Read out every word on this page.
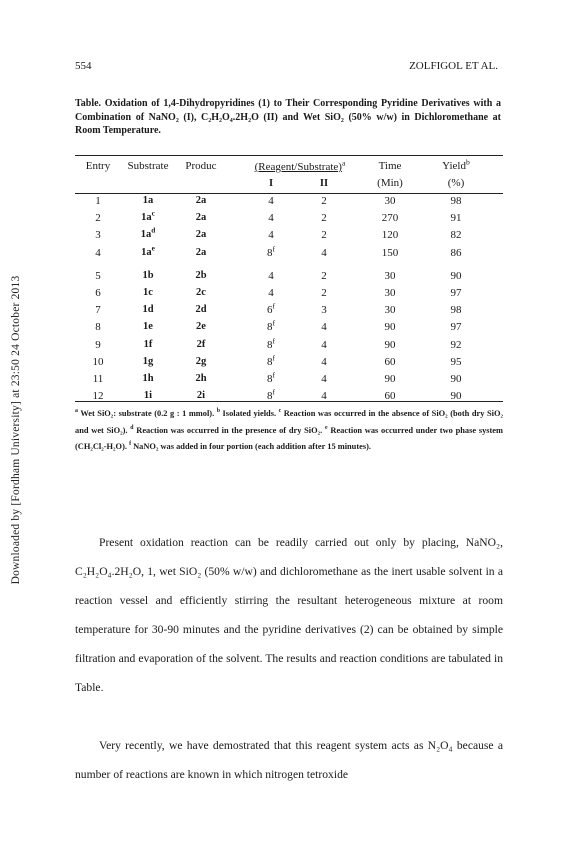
Downloaded by [Fordham University] at 23:50 24 October 2013
554	ZOLFIGOL ET AL.
Table. Oxidation of 1,4-Dihydropyridines (1) to Their Corresponding Pyridine Derivatives with a Combination of NaNO₂ (I), C₂H₂O₄.2H₂O (II) and Wet SiO₂ (50% w/w) in Dichloromethane at Room Temperature.
Entry	Substrate	Produc	(Reagent/Substrate)$^a$
I	II
Time
(Min)
Yield$^b$
(%)
1	1a	2a	4	2	30	98
2	$1a^c$	2a	4	2	270	91
3	$1a^d$	2a	4	2	120	82
4	$1a^e$	2a	8$^f$	4	150	86
5	1b	2b	4	2	30	90
6	1c	2c	4	2	30	97
7	1d	2d	6$^f$	3	30	98
8	1e	2e	8$^f$	4	90	97
9	1f	2f	8$^f$	4	90	92
10	1g	2g	8$^f$	4	60	95
11	1h	2h	8$^f$	4	90	90
12	1i	2i	8$^f$	4	60	90
$^a$ Wet SiO₂: substrate (0.2 g : 1 mmol). $^b$ Isolated yields. $^c$ Reaction was occurred in the absence of SiO₂ (both dry SiO₂ and wet SiO₂). $^d$ Reaction was occurred in the presence of dry SiO₂. $^e$ Reaction was occurred under two phase system (CH₂Cl₂-H₂O). $^f$ NaNO₂ was added in four portion (each addition after 15 minutes).
Present oxidation reaction can be readily carried out only by placing, NaNO₂, C₂H₂O₄.2H₂O, 1, wet SiO₂ (50% w/w) and dichloromethane as the inert usable solvent in a reaction vessel and efficiently stirring the resultant heterogeneous mixture at room temperature for 30-90 minutes and the pyridine derivatives (2) can be obtained by simple filtration and evaporation of the solvent. The results and reaction conditions are tabulated in Table.
Very recently, we have demostrated that this reagent system acts as N₂O₄ because a number of reactions are known in which nitrogen tetroxide
